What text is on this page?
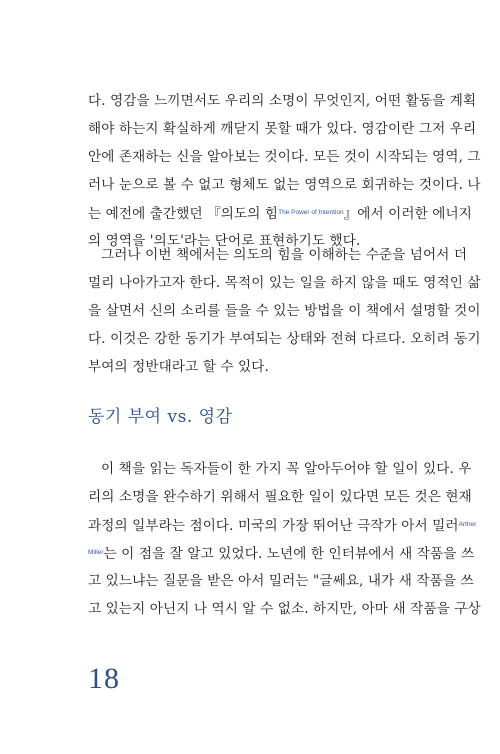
다. 영감을 느끼면서도 우리의 소명이 무엇인지, 어떤 활동을 계획
해야 하는지 확실하게 깨닫지 못할 때가 있다. 영감이란 그저 우리
안에 존재하는 신을 알아보는 것이다. 모든 것이 시작되는 영역, 그
러나 눈으로 볼 수 없고 형체도 없는 영역으로 회귀하는 것이다. 나
는 예전에 출간했던 『의도의 힘$^{The Power of Intention}$』에서 이러한 에너지
의 영역을 '의도'라는 단어로 표현하기도 했다.
그러나 이번 책에서는 의도의 힘을 이해하는 수준을 넘어서 더
멀리 나아가고자 한다. 목적이 있는 일을 하지 않을 때도 영적인 삶
을 살면서 신의 소리를 들을 수 있는 방법을 이 책에서 설명할 것이
다. 이것은 강한 동기가 부여되는 상태와 전혀 다르다. 오히려 동기
부여의 정반대라고 할 수 있다.
동기 부여 vs. 영감
이 책을 읽는 독자들이 한 가지 꼭 알아두어야 할 일이 있다. 우
리의 소명을 완수하기 위해서 필요한 일이 있다면 모든 것은 현재
과정의 일부라는 점이다. 미국의 가장 뛰어난 극작가 아서 밀러$^{Arther}$
$^{Miller}$는 이 점을 잘 알고 있었다. 노년에 한 인터뷰에서 새 작품을 쓰
고 있느냐는 질문을 받은 아서 밀러는 "글쎄요, 내가 새 작품을 쓰
고 있는지 아닌지 나 역시 알 수 없소. 하지만, 아마 새 작품을 구상
18
